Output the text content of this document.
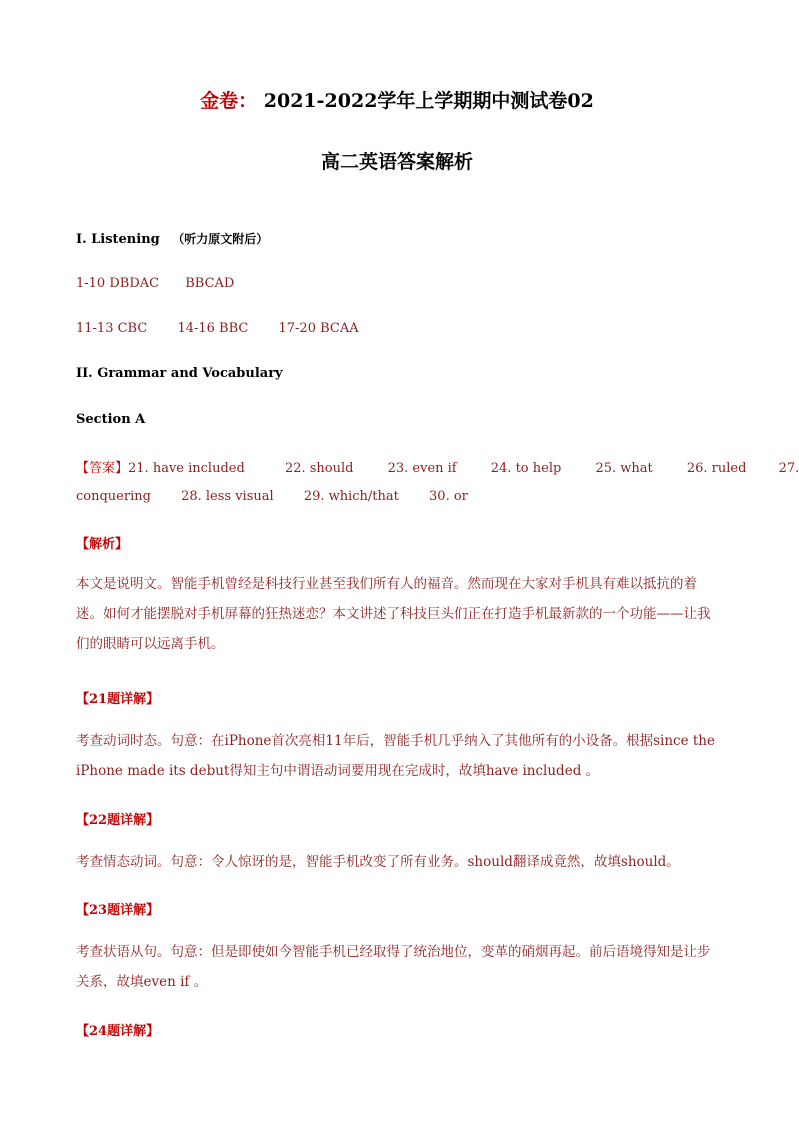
金卷： 2021-2022学年上学期期中测试卷02
高二英语答案解析
I. Listening （听力原文附后）
1-10 DBDAC BBCAD
11-13 CBC 14-16 BBC 17-20 BCAA
II. Grammar and Vocabulary
Section A
【答案】21. have included	22. should	23. even if	24. to help	25. what	26. ruled 27.
conquering 28. less visual 29. which/that 30. or
【解析】
本文是说明文。智能手机曾经是科技行业甚至我们所有人的福音。然而现在大家对手机具有难以抵抗的着迷。如何才能摆脱对手机屏幕的狂热迷恋？本文讲述了科技巨头们正在打造手机最新款的一个功能——让我们的眼睛可以远离手机。
【21题详解】
考查动词时态。句意：在iPhone首次亮相11年后，智能手机几乎纳入了其他所有的小设备。根据since the iPhone made its debut得知主句中谓语动词要用现在完成时，故填have included 。
【22题详解】
考查情态动词。句意：令人惊讶的是，智能手机改变了所有业务。should翻译成竟然，故填should。
【23题详解】
考查状语从句。句意：但是即使如今智能手机已经取得了统治地位，变革的硝烟再起。前后语境得知是让步关系，故填even if 。
【24题详解】
